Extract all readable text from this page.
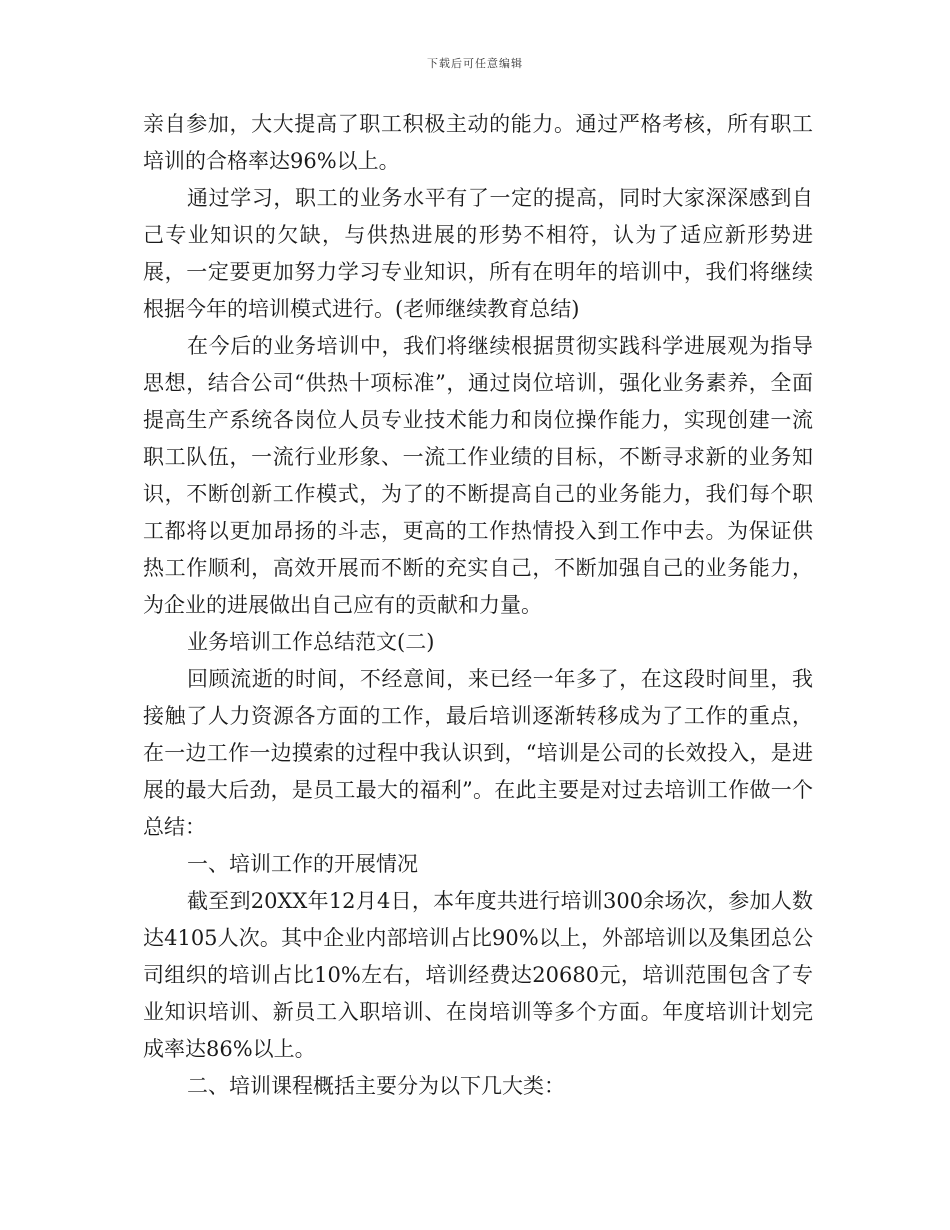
下载后可任意编辑

亲自参加，大大提高了职工积极主动的能力。通过严格考核，所有职工培训的合格率达96%以上。

通过学习，职工的业务水平有了一定的提高，同时大家深深感到自己专业知识的欠缺，与供热进展的形势不相符，认为了适应新形势进展，一定要更加努力学习专业知识，所有在明年的培训中，我们将继续根据今年的培训模式进行。(老师继续教育总结)

在今后的业务培训中，我们将继续根据贯彻实践科学进展观为指导思想，结合公司“供热十项标准”，通过岗位培训，强化业务素养，全面提高生产系统各岗位人员专业技术能力和岗位操作能力，实现创建一流职工队伍，一流行业形象、一流工作业绩的目标，不断寻求新的业务知识，不断创新工作模式，为了的不断提高自己的业务能力，我们每个职工都将以更加昂扬的斗志，更高的工作热情投入到工作中去。为保证供热工作顺利，高效开展而不断的充实自己，不断加强自己的业务能力，为企业的进展做出自己应有的贡献和力量。

业务培训工作总结范文(二)

回顾流逝的时间，不经意间，来已经一年多了，在这段时间里，我接触了人力资源各方面的工作，最后培训逐渐转移成为了工作的重点，在一边工作一边摸索的过程中我认识到，“培训是公司的长效投入，是进展的最大后劲，是员工最大的福利”。在此主要是对过去培训工作做一个总结：

一、培训工作的开展情况

截至到20XX年12月4日，本年度共进行培训300余场次，参加人数达4105人次。其中企业内部培训占比90%以上，外部培训以及集团总公司组织的培训占比10%左右，培训经费达20680元，培训范围包含了专业知识培训、新员工入职培训、在岗培训等多个方面。年度培训计划完成率达86%以上。

二、培训课程概括主要分为以下几大类：
